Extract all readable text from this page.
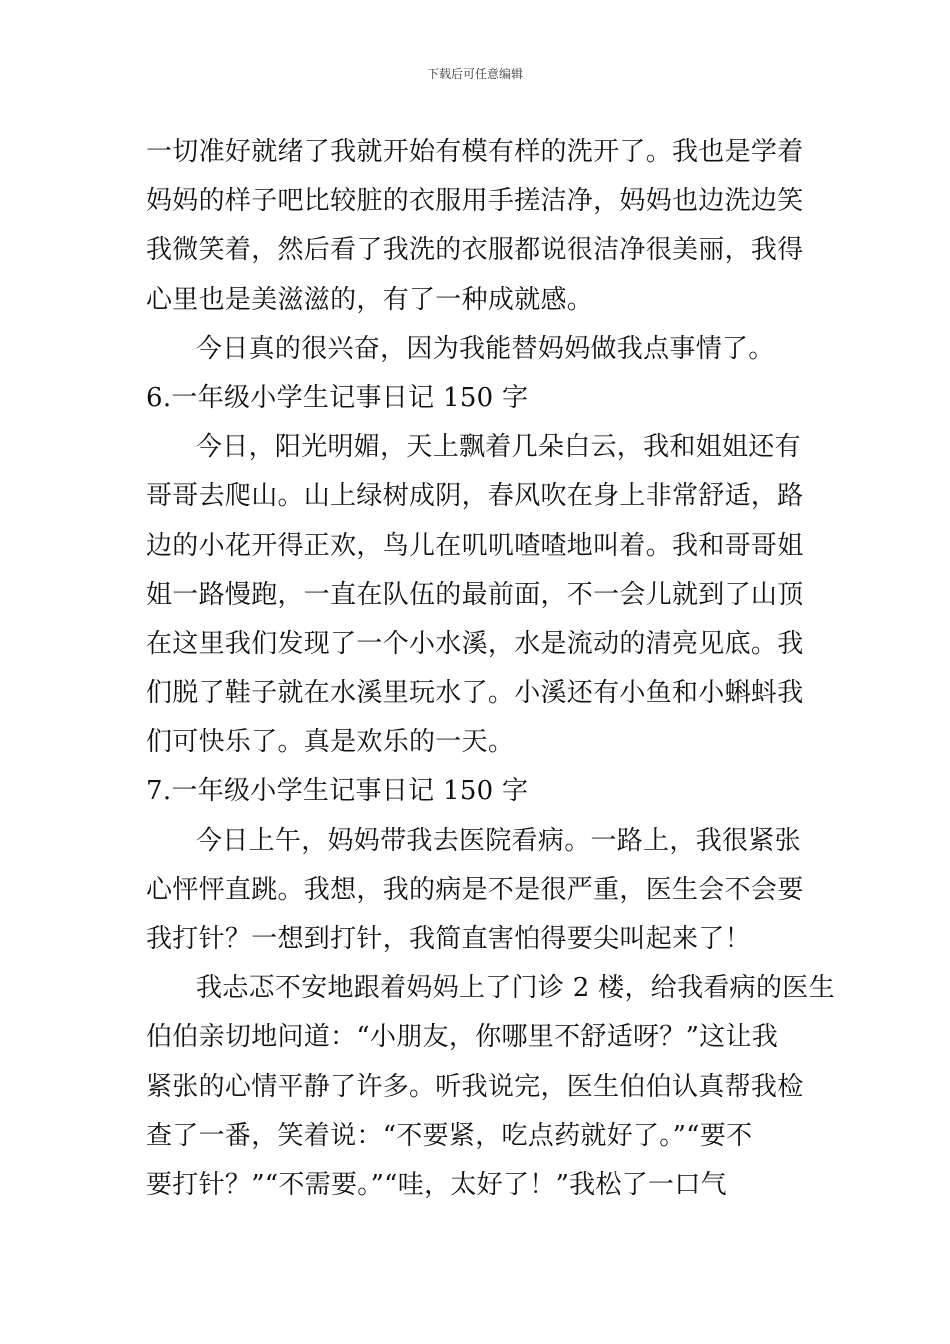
下载后可任意编辑
一切准好就绪了我就开始有模有样的洗开了。我也是学着
妈妈的样子吧比较脏的衣服用手搓洁净，妈妈也边洗边笑
我微笑着，然后看了我洗的衣服都说很洁净很美丽，我得
心里也是美滋滋的，有了一种成就感。
今日真的很兴奋，因为我能替妈妈做我点事情了。
6.一年级小学生记事日记 150 字
今日，阳光明媚，天上飘着几朵白云，我和姐姐还有
哥哥去爬山。山上绿树成阴，春风吹在身上非常舒适，路
边的小花开得正欢，鸟儿在叽叽喳喳地叫着。我和哥哥姐
姐一路慢跑，一直在队伍的最前面，不一会儿就到了山顶
在这里我们发现了一个小水溪，水是流动的清亮见底。我
们脱了鞋子就在水溪里玩水了。小溪还有小鱼和小蝌蚪我
们可快乐了。真是欢乐的一天。
7.一年级小学生记事日记 150 字
今日上午，妈妈带我去医院看病。一路上，我很紧张
心怦怦直跳。我想，我的病是不是很严重，医生会不会要
我打针？一想到打针，我简直害怕得要尖叫起来了！
我忐忑不安地跟着妈妈上了门诊 2 楼，给我看病的医生
伯伯亲切地问道：“小朋友，你哪里不舒适呀？”这让我
紧张的心情平静了许多。听我说完，医生伯伯认真帮我检
查了一番，笑着说：“不要紧，吃点药就好了。”“要不
要打针？”“不需要。”“哇，太好了！”我松了一口气
